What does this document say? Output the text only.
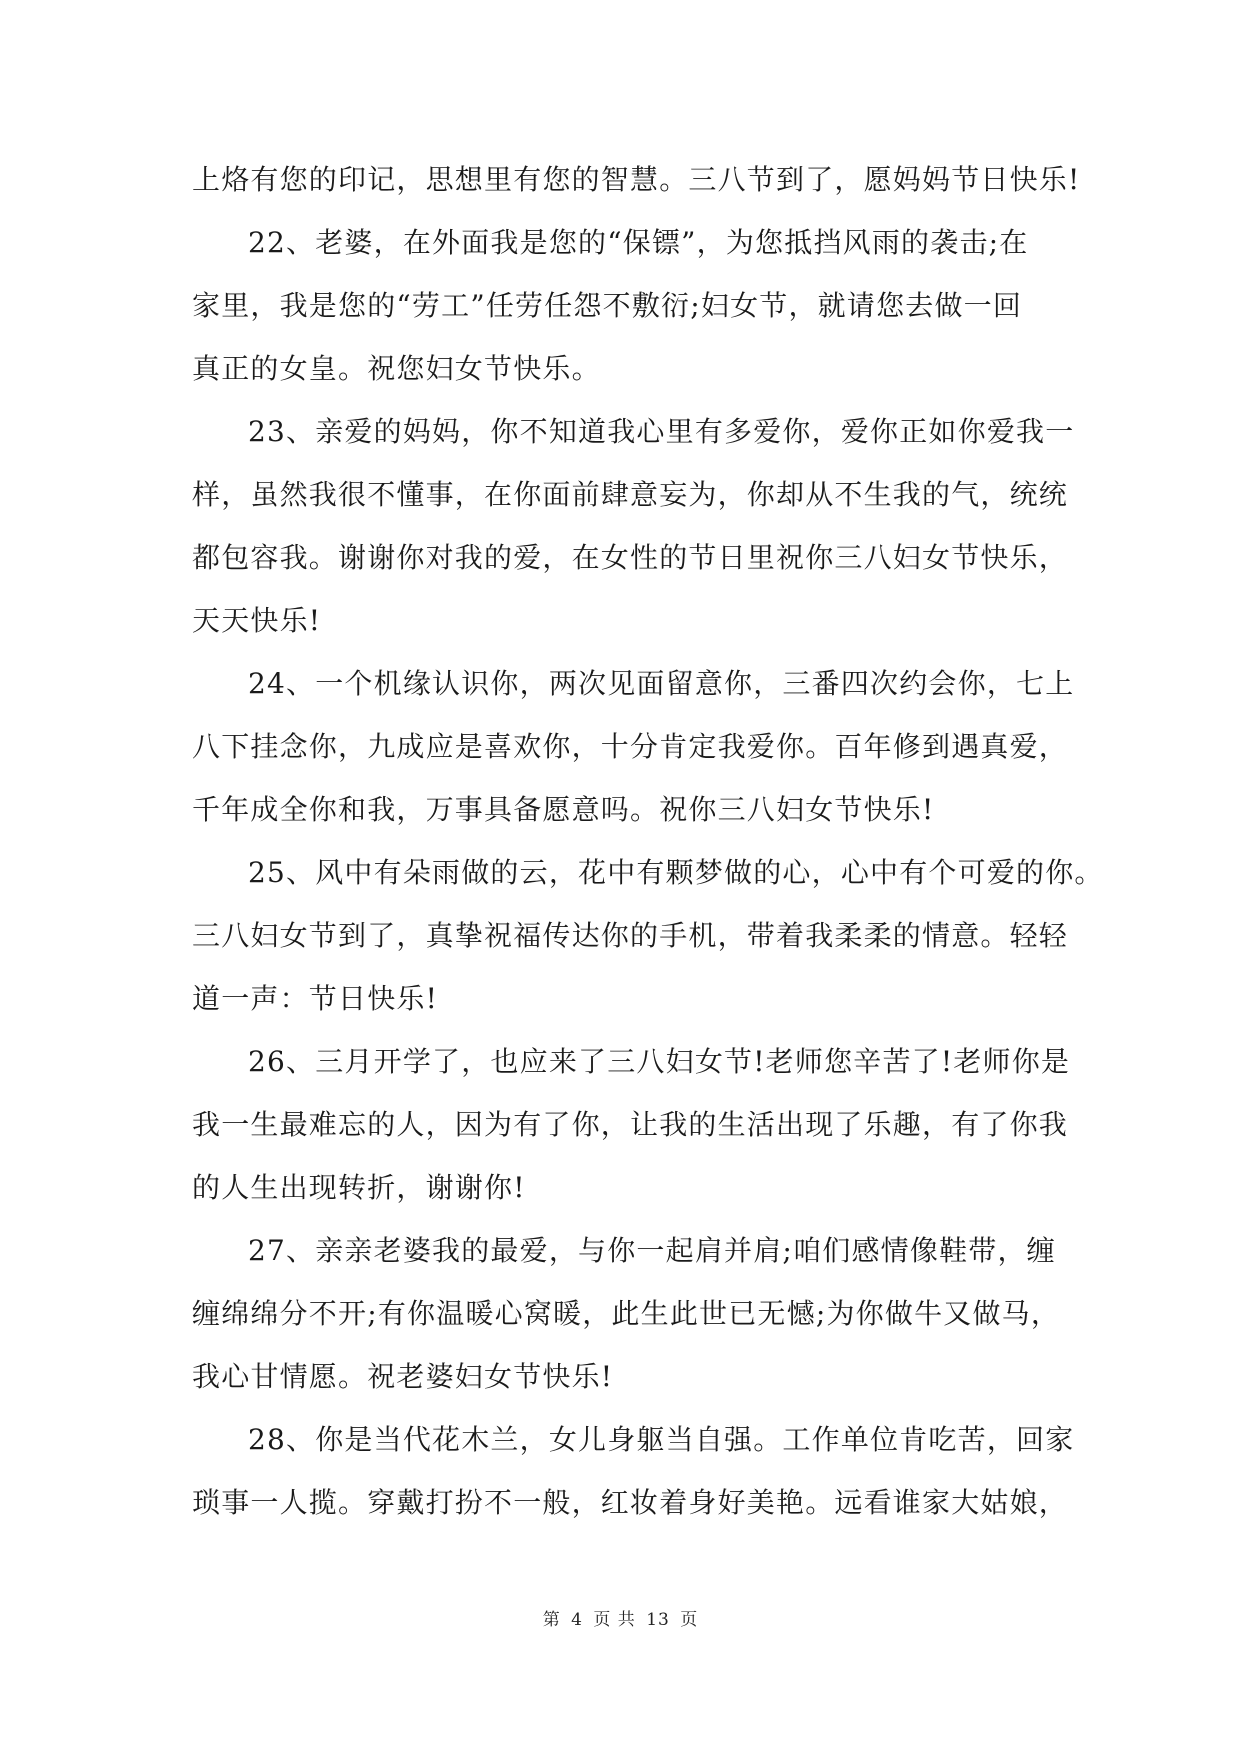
上烙有您的印记，思想里有您的智慧。三八节到了，愿妈妈节日快乐!
22、老婆，在外面我是您的“保镖”，为您抵挡风雨的袭击;在
家里，我是您的“劳工”任劳任怨不敷衍;妇女节，就请您去做一回
真正的女皇。祝您妇女节快乐。
23、亲爱的妈妈，你不知道我心里有多爱你，爱你正如你爱我一
样，虽然我很不懂事，在你面前肆意妄为，你却从不生我的气，统统
都包容我。谢谢你对我的爱，在女性的节日里祝你三八妇女节快乐，
天天快乐!
24、一个机缘认识你，两次见面留意你，三番四次约会你，七上
八下挂念你，九成应是喜欢你，十分肯定我爱你。百年修到遇真爱，
千年成全你和我，万事具备愿意吗。祝你三八妇女节快乐!
25、风中有朵雨做的云，花中有颗梦做的心，心中有个可爱的你。
三八妇女节到了，真挚祝福传达你的手机，带着我柔柔的情意。轻轻
道一声：节日快乐!
26、三月开学了，也应来了三八妇女节!老师您辛苦了!老师你是
我一生最难忘的人，因为有了你，让我的生活出现了乐趣，有了你我
的人生出现转折，谢谢你!
27、亲亲老婆我的最爱，与你一起肩并肩;咱们感情像鞋带，缠
缠绵绵分不开;有你温暖心窝暖，此生此世已无憾;为你做牛又做马，
我心甘情愿。祝老婆妇女节快乐!
28、你是当代花木兰，女儿身躯当自强。工作单位肯吃苦，回家
琐事一人揽。穿戴打扮不一般，红妆着身好美艳。远看谁家大姑娘，
第 4 页 共 13 页
